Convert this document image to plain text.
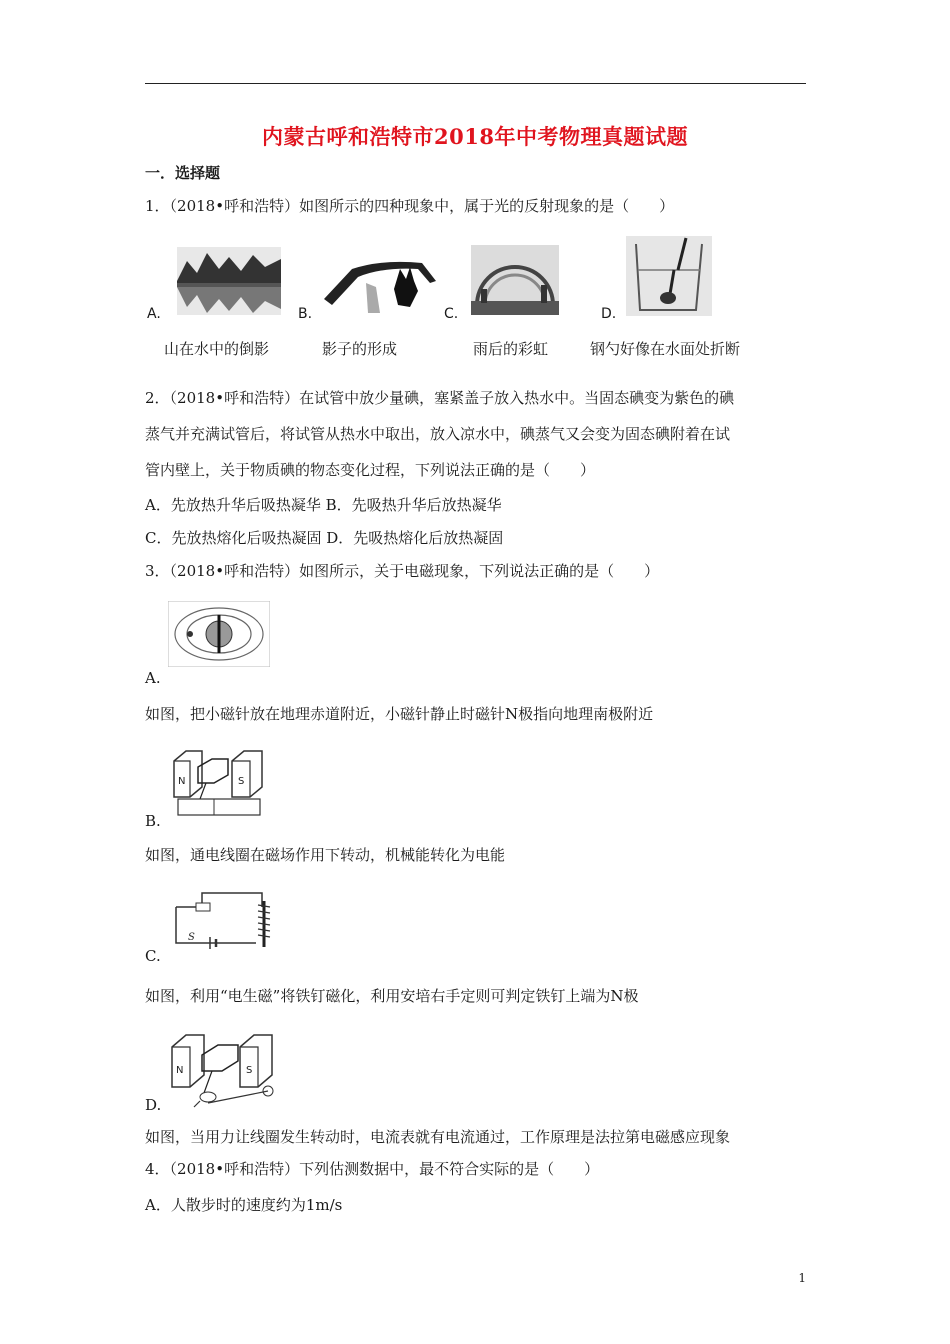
内蒙古呼和浩特市2018年中考物理真题试题
一．选择题
1．（2018•呼和浩特）如图所示的四种现象中，属于光的反射现象的是（　　）
A.
山在水中的倒影
B.
影子的形成
C.
雨后的彩虹
D.
钢勺好像在水面处折断
2．（2018•呼和浩特）在试管中放少量碘，塞紧盖子放入热水中。当固态碘变为紫色的碘
蒸气并充满试管后，将试管从热水中取出，放入凉水中，碘蒸气又会变为固态碘附着在试
管内壁上，关于物质碘的物态变化过程，下列说法正确的是（　　）
A．先放热升华后吸热凝华 B．先吸热升华后放热凝华
C．先放热熔化后吸热凝固 D．先吸热熔化后放热凝固
3．（2018•呼和浩特）如图所示，关于电磁现象，下列说法正确的是（　　）
A.
如图，把小磁针放在地理赤道附近，小磁针静止时磁针N极指向地理南极附近
N	S
B.
如图，通电线圈在磁场作用下转动，机械能转化为电能
S
C.
如图，利用“电生磁”将铁钉磁化，利用安培右手定则可判定铁钉上端为N极
N	S
D.
如图，当用力让线圈发生转动时，电流表就有电流通过，工作原理是法拉第电磁感应现象
4．（2018•呼和浩特）下列估测数据中，最不符合实际的是（　　）
A．人散步时的速度约为1m/s
1
